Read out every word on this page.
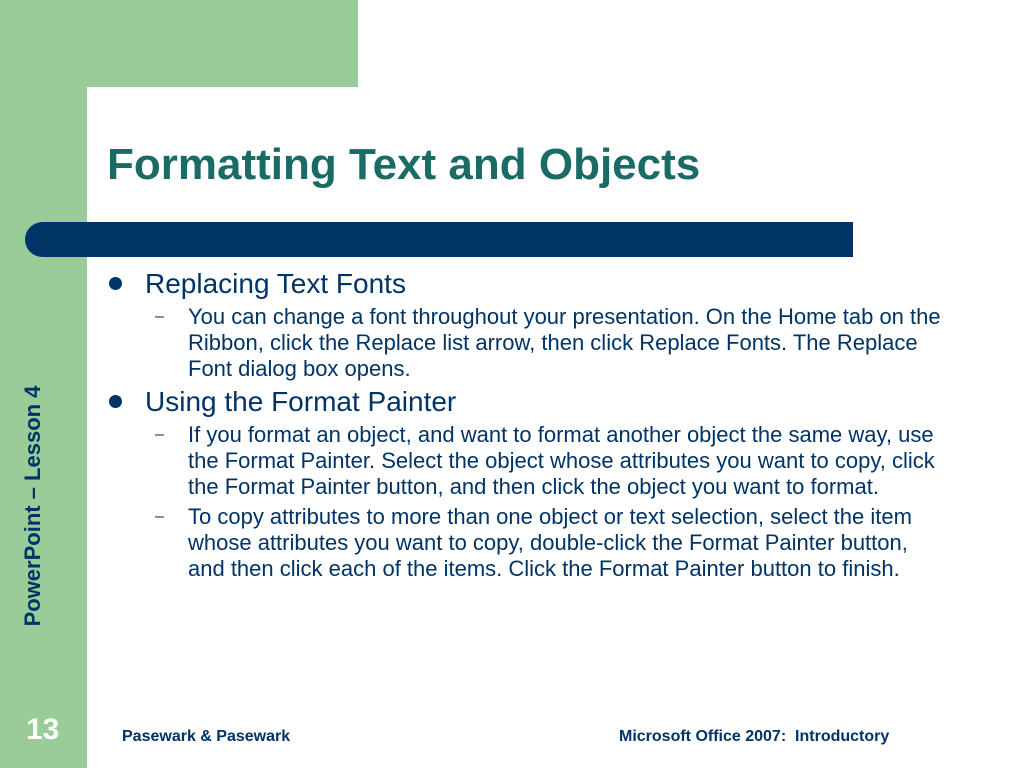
Formatting Text and Objects
Replacing Text Fonts
– You can change a font throughout your presentation. On the Home tab on the Ribbon, click the Replace list arrow, then click Replace Fonts. The Replace Font dialog box opens.
Using the Format Painter
– If you format an object, and want to format another object the same way, use the Format Painter. Select the object whose attributes you want to copy, click the Format Painter button, and then click the object you want to format.
– To copy attributes to more than one object or text selection, select the item whose attributes you want to copy, double-click the Format Painter button, and then click each of the items. Click the Format Painter button to finish.
PowerPoint – Lesson 4
13	Pasewark & Pasewark	Microsoft Office 2007:  Introductory
